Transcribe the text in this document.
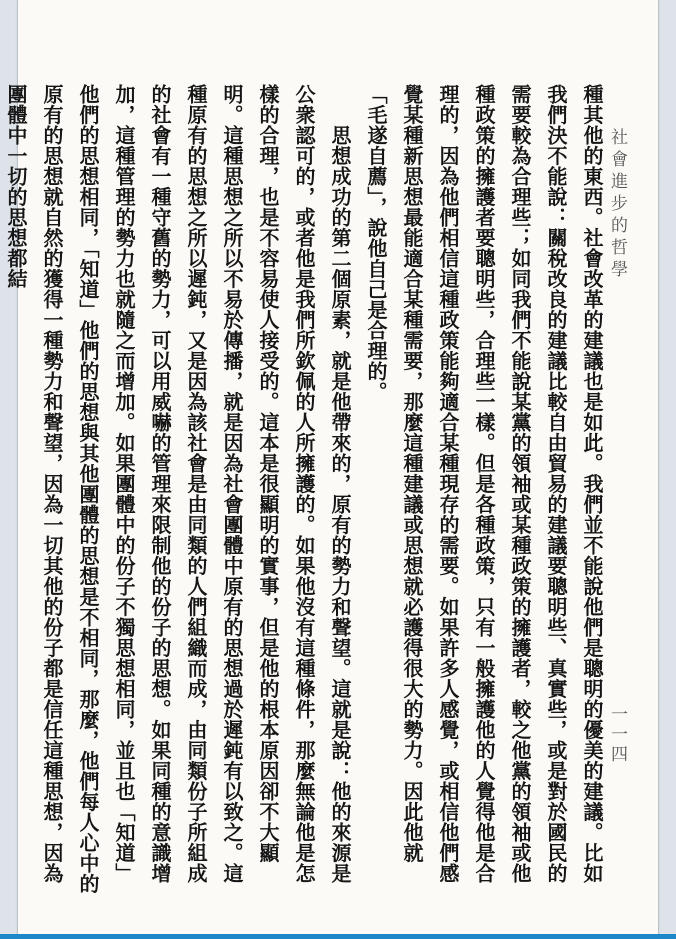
社會進步的哲學
一一四

種其他的東西。社會改革的建議也是如此。我們並不能說他們是聰明的優美的建議。比如我們決不能說：關稅改良的建議比較自由貿易的建議要聰明些、真實些，或是對於國民的需要較為合理些；如同我們不能說某黨的領袖或某種政策的擁護者，較之他黨的領袖或他種政策的擁護者要聰明些，合理些一樣。但是各種政策，只有一般擁護他的人覺得他是合理的，因為他們相信這種政策能夠適合某種現存的需要。如果許多人感覺，或相信他們感覺某種新思想最能適合某種需要，那麼這種建議或思想就必護得很大的勢力。因此他就「毛遂自薦」，說他自己是合理的。

思想成功的第二個原素，就是他帶來的，原有的勢力和聲望。這就是說：他的來源是公衆認可的，或者他是我們所欽佩的人所擁護的。如果他沒有這種條件，那麼無論他是怎樣的合理，也是不容易使人接受的。這本是很顯明的實事，但是他的根本原因卻不大顯明。這種思想之所以不易於傳播，就是因為社會團體中原有的思想過於遲鈍有以致之。這種原有的思想之所以遲鈍，又是因為該社會是由同類的人們組織而成，由同類份子所組成的社會有一種守舊的勢力，可以用威嚇的管理來限制他的份子的思想。如果同種的意識增加，這種管理的勢力也就隨之而增加。如果團體中的份子不獨思想相同，並且也「知道」他們的思想相同，「知道」他們的思想與其他團體的思想是不相同，那麼，他們每人心中的原有的思想就自然的獲得一種勢力和聲望，因為一切其他的份子都是信任這種思想，因為團體中一切的思想都結
